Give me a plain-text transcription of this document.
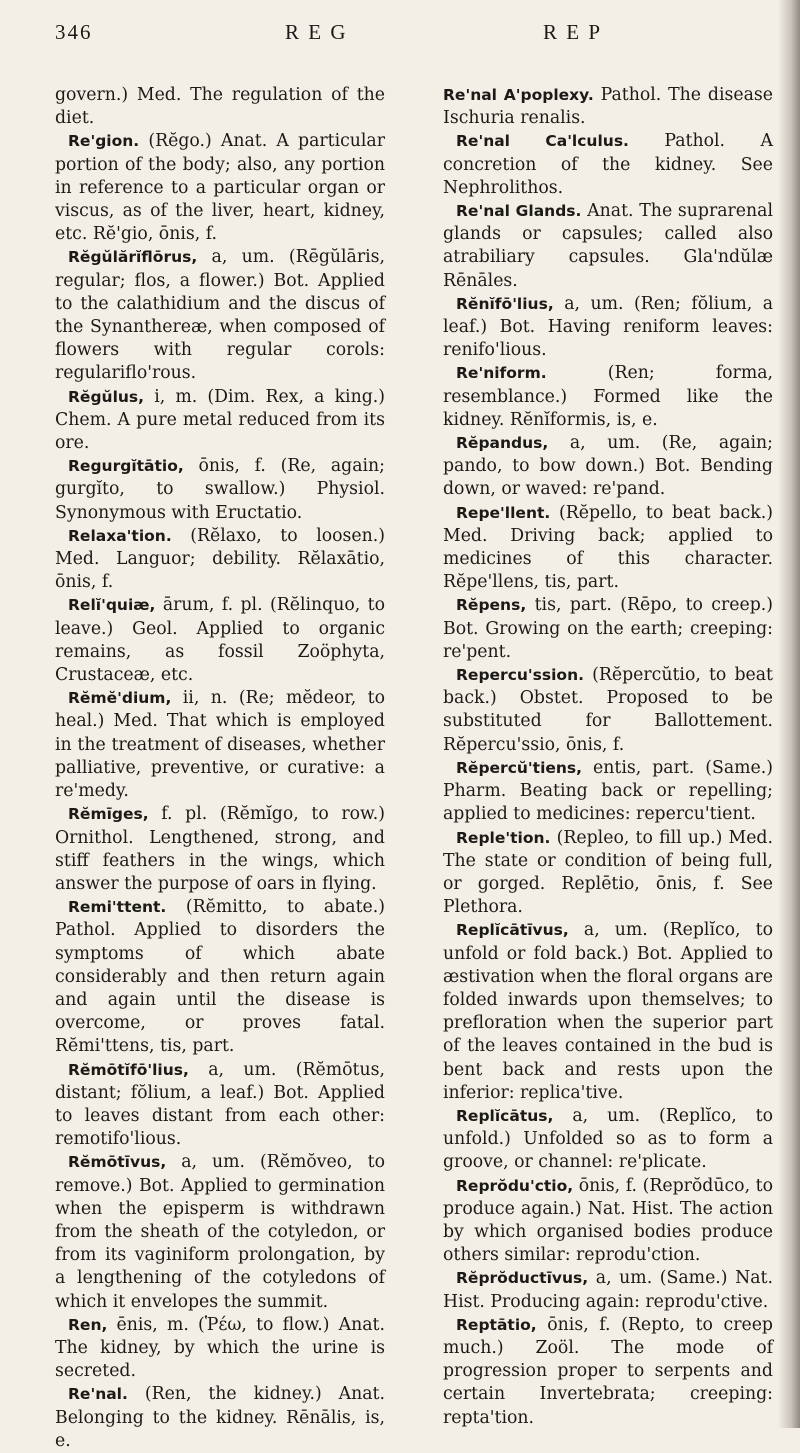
346	R E G	R E P

govern.) Med. The regulation of the diet.

Re'gion. (Rĕgo.) Anat. A particular portion of the body; also, any portion in reference to a particular organ or viscus, as of the liver, heart, kidney, etc. Rĕ'gio, ōnis, f.

Rĕgŭlărĭflōrus, a, um. (Rēgŭlāris, regular; flos, a flower.) Bot. Applied to the calathidium and the discus of the Synanthereæ, when composed of flowers with regular corols: regulariflo'rous.

Rĕgŭlus, i, m. (Dim. Rex, a king.) Chem. A pure metal reduced from its ore.

Regurgĭtātio, ōnis, f. (Re, again; gurgĭto, to swallow.) Physiol. Synonymous with Eructatio.

Relaxa'tion. (Rĕlaxo, to loosen.) Med. Languor; debility. Rĕlaxātio, ōnis, f.

Relĭ'quiæ, ārum, f. pl. (Rĕlinquo, to leave.) Geol. Applied to organic remains, as fossil Zoöphyta, Crustaceæ, etc.

Rĕmĕ'dium, ii, n. (Re; mĕdeor, to heal.) Med. That which is employed in the treatment of diseases, whether palliative, preventive, or curative: a re'medy.

Rĕmīges, f. pl. (Rĕmĭgo, to row.) Ornithol. Lengthened, strong, and stiff feathers in the wings, which answer the purpose of oars in flying.

Remi'ttent. (Rĕmitto, to abate.) Pathol. Applied to disorders the symptoms of which abate considerably and then return again and again until the disease is overcome, or proves fatal. Rĕmi'ttens, tis, part.

Rĕmōtĭfō'lius, a, um. (Rĕmōtus, distant; fŏlium, a leaf.) Bot. Applied to leaves distant from each other: remotifo'lious.

Rĕmōtīvus, a, um. (Rĕmŏveo, to remove.) Bot. Applied to germination when the episperm is withdrawn from the sheath of the cotyledon, or from its vaginiform prolongation, by a lengthening of the cotyledons of which it envelopes the summit.

Ren, ēnis, m. (Ῥέω, to flow.) Anat. The kidney, by which the urine is secreted.

Re'nal. (Ren, the kidney.) Anat. Belonging to the kidney. Rēnālis, is, e.

Re'nal A'poplexy. Pathol. The disease Ischuria renalis.

Re'nal Ca'lculus. Pathol. A concretion of the kidney. See Nephrolithos.

Re'nal Glands. Anat. The suprarenal glands or capsules; called also atrabiliary capsules. Gla'ndŭlæ Rēnāles.

Rĕnĭfō'lius, a, um. (Ren; fŏlium, a leaf.) Bot. Having reniform leaves: renifo'lious.

Re'niform.	(Ren; forma, resemblance.) Formed like the kidney. Rĕnĭformis, is, e.

Rĕpandus, a, um. (Re, again; pando, to bow down.) Bot. Bending down, or waved: re'pand.

Repe'llent. (Rĕpello, to beat back.) Med. Driving back; applied to medicines of this character. Rĕpe'llens, tis, part.

Rĕpens, tis, part. (Rēpo, to creep.) Bot. Growing on the earth; creeping: re'pent.

Repercu'ssion. (Rĕpercŭtio, to beat back.) Obstet. Proposed to be substituted for Ballottement. Rĕpercu'ssio, ōnis, f.

Rĕpercŭ'tiens, entis, part. (Same.) Pharm. Beating back or repelling; applied to medicines: repercu'tient.

Reple'tion. (Repleo, to fill up.) Med. The state or condition of being full, or gorged. Replētio, ōnis, f. See Plethora.

Replĭcātīvus, a, um. (Replĭco, to unfold or fold back.) Bot. Applied to æstivation when the floral organs are folded inwards upon themselves; to prefloration when the superior part of the leaves contained in the bud is bent back and rests upon the inferior: replica'tive.

Replĭcātus, a, um. (Replĭco, to unfold.) Unfolded so as to form a groove, or channel: re'plicate.

Reprŏdu'ctio, ōnis, f. (Reprŏdūco, to produce again.) Nat. Hist. The action by which organised bodies produce others similar: reprodu'ction.

Rĕprŏductīvus, a, um. (Same.) Nat. Hist. Producing again: reprodu'ctive.

Reptātio, ōnis, f. (Repto, to creep much.) Zoöl. The mode of progression proper to serpents and certain Invertebrata; creeping: repta'tion.
